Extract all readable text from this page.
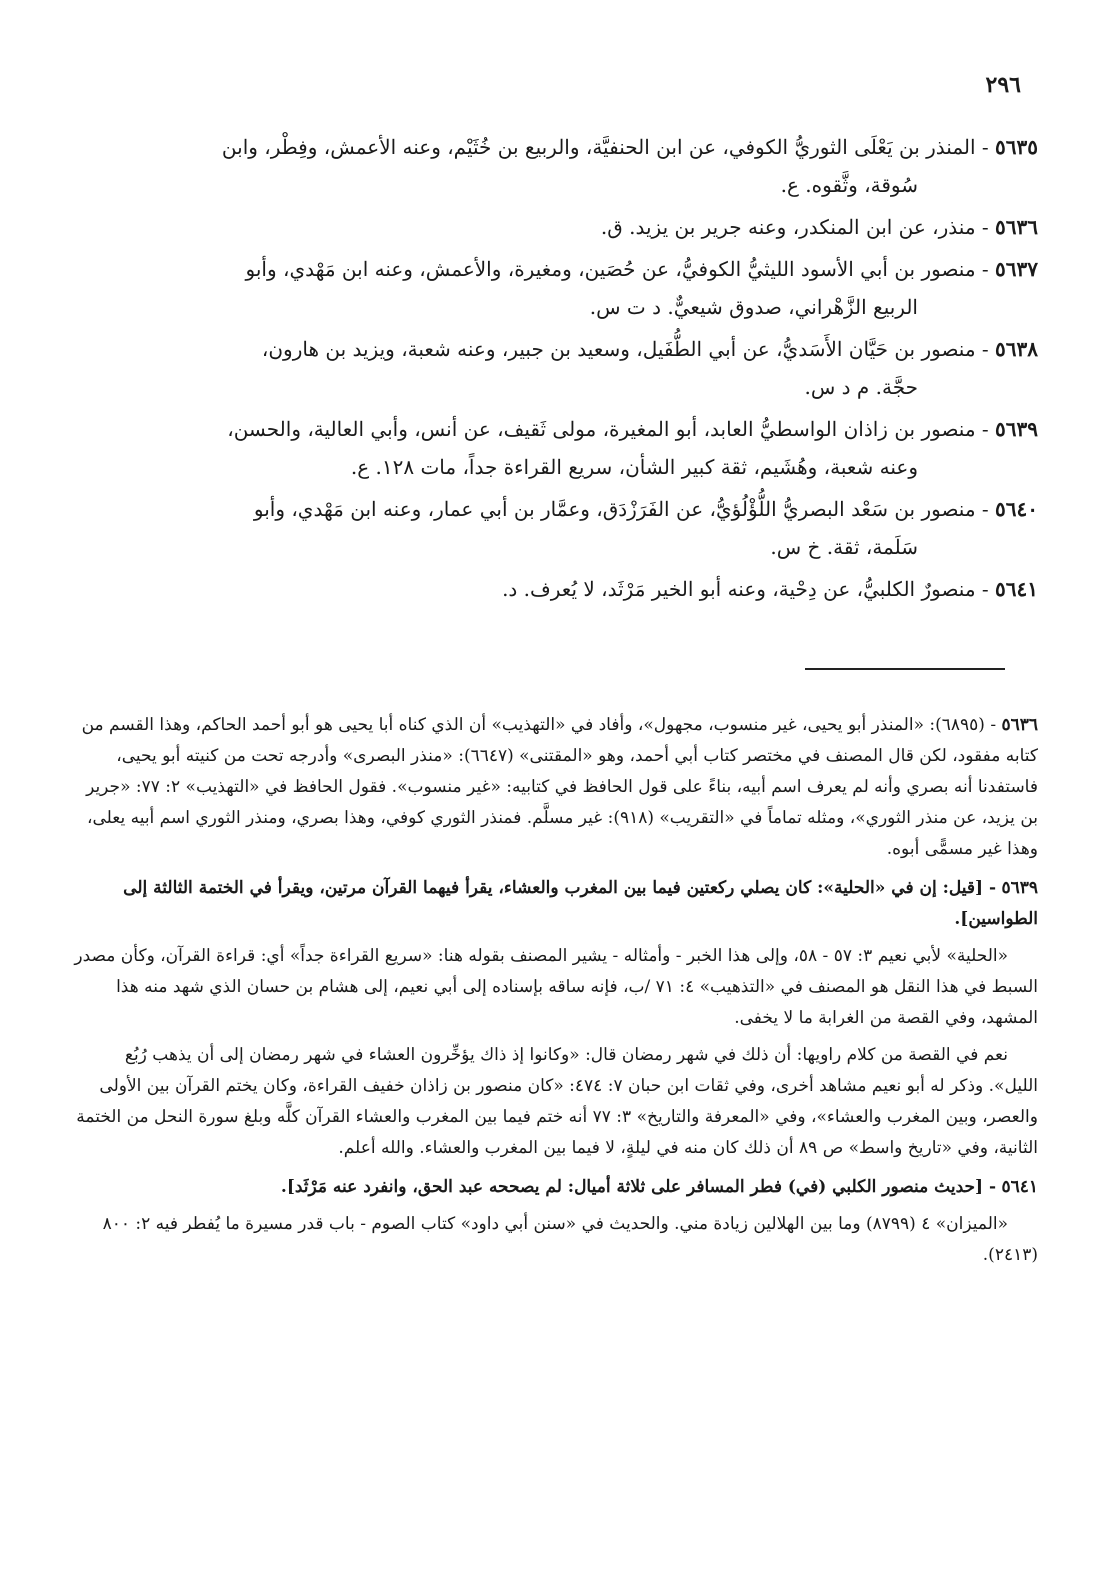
٢٩٦
٥٦٣٥ - المنذر بن يَعْلَى الثوريُّ الكوفي، عن ابن الحنفيَّة، والربيع بن خُثَيْم، وعنه الأعمش، وفِطْر، وابن
سُوقة، وثَّقوه. ع.
٥٦٣٦ - منذر، عن ابن المنكدر، وعنه جرير بن يزيد. ق.
٥٦٣٧ - منصور بن أبي الأسود الليثيُّ الكوفيُّ، عن حُصَين، ومغيرة، والأعمش، وعنه ابن مَهْدي، وأبو
الربيع الزَّهْراني، صدوق شيعيٌّ. د ت س.
٥٦٣٨ - منصور بن حَيَّان الأَسَديُّ، عن أبي الطُّفَيل، وسعيد بن جبير، وعنه شعبة، ويزيد بن هارون،
حجَّة. م د س.
٥٦٣٩ - منصور بن زاذان الواسطيُّ العابد، أبو المغيرة، مولى ثَقيف، عن أنس، وأبي العالية، والحسن،
وعنه شعبة، وهُشَيم، ثقة كبير الشأن، سريع القراءة جداً، مات ١٢٨. ع.
٥٦٤٠ - منصور بن سَعْد البصريُّ اللُّؤْلُؤيُّ، عن الفَرَزْدَق، وعمَّار بن أبي عمار، وعنه ابن مَهْدي، وأبو
سَلَمة، ثقة. خ س.
٥٦٤١ - منصورٌ الكلبيُّ، عن دِحْية، وعنه أبو الخير مَرْثَد، لا يُعرف. د.

٥٦٣٦ - (٦٨٩٥): «المنذر أبو يحيى، غير منسوب، مجهول»، وأفاد في «التهذيب» أن الذي كناه أبا يحيى هو أبو أحمد الحاكم، وهذا القسم من كتابه مفقود، لكن قال المصنف في مختصر كتاب أبي أحمد، وهو «المقتنى» (٦٦٤٧): «منذر البصرى» وأدرجه تحت من كنيته أبو يحيى، فاستفدنا أنه بصري وأنه لم يعرف اسم أبيه، بناءً على قول الحافظ في كتابيه: «غير منسوب». فقول الحافظ في «التهذيب» ٢: ٧٧: «جرير بن يزيد، عن منذر الثوري»، ومثله تماماً في «التقريب» (٩١٨): غير مسلَّم. فمنذر الثوري كوفي، وهذا بصري، ومنذر الثوري اسم أبيه يعلى، وهذا غير مسمًّى أبوه.

٥٦٣٩ - [قيل: إن في «الحلية»: كان يصلي ركعتين فيما بين المغرب والعشاء، يقرأ فيهما القرآن مرتين، ويقرأ في الختمة الثالثة إلى الطواسين].

«الحلية» لأبي نعيم ٣: ٥٧ - ٥٨، وإلى هذا الخبر - وأمثاله - يشير المصنف بقوله هنا: «سريع القراءة جداً» أي: قراءة القرآن، وكأن مصدر السبط في هذا النقل هو المصنف في «التذهيب» ٤: ٧١ /ب، فإنه ساقه بإسناده إلى أبي نعيم، إلى هشام بن حسان الذي شهد منه هذا المشهد، وفي القصة من الغرابة ما لا يخفى.

نعم في القصة من كلام راويها: أن ذلك في شهر رمضان قال: «وكانوا إذ ذاك يؤخِّرون العشاء في شهر رمضان إلى أن يذهب رُبُع الليل». وذكر له أبو نعيم مشاهد أخرى، وفي ثقات ابن حبان ٧: ٤٧٤: «كان منصور بن زاذان خفيف القراءة، وكان يختم القرآن بين الأولى والعصر، وبين المغرب والعشاء»، وفي «المعرفة والتاريخ» ٣: ٧٧ أنه ختم فيما بين المغرب والعشاء القرآن كلَّه وبلغ سورة النحل من الختمة الثانية، وفي «تاريخ واسط» ص ٨٩ أن ذلك كان منه في ليلةٍ، لا فيما بين المغرب والعشاء. والله أعلم.

٥٦٤١ - [حديث منصور الكلبي (في) فطر المسافر على ثلاثة أميال: لم يصححه عبد الحق، وانفرد عنه مَرْثَد].

«الميزان» ٤ (٨٧٩٩) وما بين الهلالين زيادة مني. والحديث في «سنن أبي داود» كتاب الصوم - باب قدر مسيرة ما يُفطر فيه ٢: ٨٠٠ (٢٤١٣).
